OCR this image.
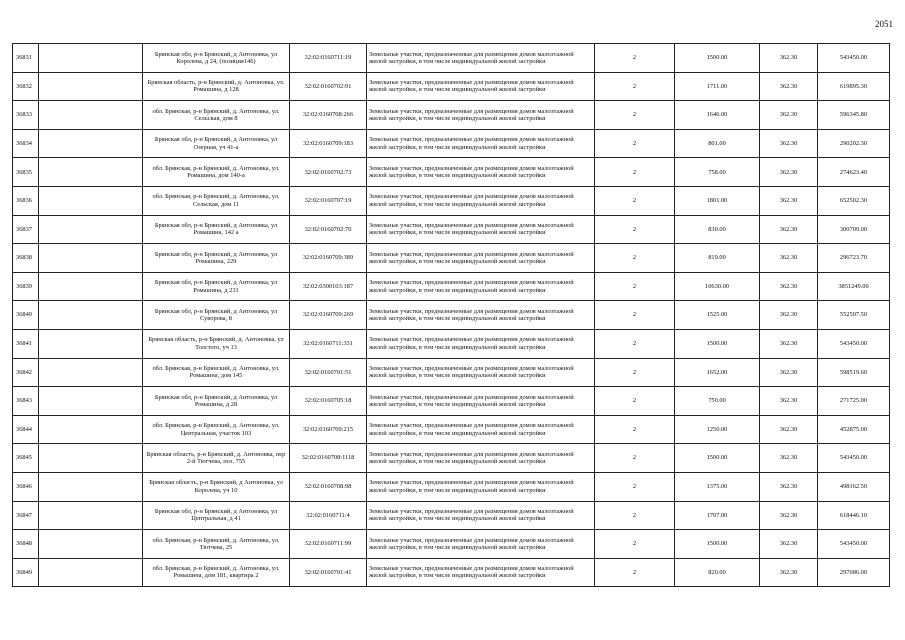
2051
36831		Брянская обл, р-н Брянский, д Антоновка, ул Королева, д 24, (позиция146)	32:02:0160711:19	Земельные участки, предназначенные для размещения домов малоэтажной жилой застройки, в том числе индивидуальной жилой застройки	2	1500.00	362.30	543450.00
36832		Брянская область, р-н Брянский, д. Антоновка, ул. Ромашина, д 128	32:02:0160702:91	Земельные участки, предназначенные для размещения домов малоэтажной жилой застройки, в том числе индивидуальной жилой застройки	2	1711.00	362.30	619895.30
36833		обл. Брянская, р-н Брянский, д. Антоновка, ул. Сельская, дом 8	32:02:0160708:266	Земельные участки, предназначенные для размещения домов малоэтажной жилой застройки, в том числе индивидуальной жилой застройки	2	1646.00	362.30	596345.80
36834		Брянская обл, р-н Брянский, д Антоновка, ул Озерная, уч 41-а	32:02:0160709:183	Земельные участки, предназначенные для размещения домов малоэтажной жилой застройки, в том числе индивидуальной жилой застройки	2	801.00	362.30	290202.30
36835		обл. Брянская, р-н Брянский, д. Антоновка, ул. Ромашина, дом 140-а	32:02:0160702:73	Земельные участки, предназначенные для размещения домов малоэтажной жилой застройки, в том числе индивидуальной жилой застройки	2	758.00	362.30	274623.40
36836		обл. Брянская, р-н Брянский, д. Антоновка, ул. Сельская, дом 11	32:02:0160707:19	Земельные участки, предназначенные для размещения домов малоэтажной жилой застройки, в том числе индивидуальной жилой застройки	2	1801.00	362.30	652502.30
36837		Брянская обл, р-н Брянский, д Антоновка, ул Ромашина, 142 а	32:02:0160702:70	Земельные участки, предназначенные для размещения домов малоэтажной жилой застройки, в том числе индивидуальной жилой застройки	2	830.00	362.30	300709.00
36838		Брянская обл, р-н Брянский, д Антоновка, ул Ромашина, 229	32:02:0160709:389	Земельные участки, предназначенные для размещения домов малоэтажной жилой застройки, в том числе индивидуальной жилой застройки	2	819.00	362.30	296723.70
36839		Брянская обл, р-н Брянский, д Антоновка, ул Ромашина, д 231	32:02:0300103:187	Земельные участки, предназначенные для размещения домов малоэтажной жилой застройки, в том числе индивидуальной жилой застройки	2	10630.00	362.30	3851249.00
36840		Брянская обл, р-н Брянский, д Антоновка, ул Суворова, 8	32:02:0160709:269	Земельные участки, предназначенные для размещения домов малоэтажной жилой застройки, в том числе индивидуальной жилой застройки	2	1525.00	362.30	552507.50
36841		Брянская область, р-н Брянский, д. Антоновка, ул Толстого, уч 13	32:02:0160711:331	Земельные участки, предназначенные для размещения домов малоэтажной жилой застройки, в том числе индивидуальной жилой застройки	2	1500.00	362.30	543450.00
36842		обл. Брянская, р-н Брянский, д. Антоновка, ул. Ромашина, дом 145	32:02:0160701:51	Земельные участки, предназначенные для размещения домов малоэтажной жилой застройки, в том числе индивидуальной жилой застройки	2	1652.00	362.30	598519.60
36843		Брянская обл, р-н Брянский, д Антоновка, ул Ромашина, д 28	32:02:0160705:18	Земельные участки, предназначенные для размещения домов малоэтажной жилой застройки, в том числе индивидуальной жилой застройки	2	750.00	362.30	271725.00
36844		обл. Брянская, р-н Брянский, д. Антоновка, ул. Центральная, участок 103	32:02:0160709:215	Земельные участки, предназначенные для размещения домов малоэтажной жилой застройки, в том числе индивидуальной жилой застройки	2	1250.00	362.30	452875.00
36845		Брянская область, р-н Брянский, д. Антоновка, пер 2-й Тютчева, поз. 755	32:02:0160708:1118	Земельные участки, предназначенные для размещения домов малоэтажной жилой застройки, в том числе индивидуальной жилой застройки	2	1500.00	362.30	543450.00
36846		Брянская область, р-н Брянский, д Антоновка, ул Королева, уч 10	32:02:0160708:98	Земельные участки, предназначенные для размещения домов малоэтажной жилой застройки, в том числе индивидуальной жилой застройки	2	1375.00	362.30	498162.50
36847		Брянская обл, р-н Брянский, д Антоновка, ул Центральная, д 41	32:02:0160711:4	Земельные участки, предназначенные для размещения домов малоэтажной жилой застройки, в том числе индивидуальной жилой застройки	2	1707.00	362.30	618446.10
36848		обл. Брянская, р-н Брянский, д. Антоновка, ул. Тютчева, 25	32:02:0160711:99	Земельные участки, предназначенные для размещения домов малоэтажной жилой застройки, в том числе индивидуальной жилой застройки	2	1500.00	362.30	543450.00
36849		обл. Брянская, р-н Брянский, д. Антоновка, ул. Ромашина, дом 181, квартира 2	32:02:0160701:41	Земельные участки, предназначенные для размещения домов малоэтажной жилой застройки, в том числе индивидуальной жилой застройки	2	820.00	362.30	297086.00
